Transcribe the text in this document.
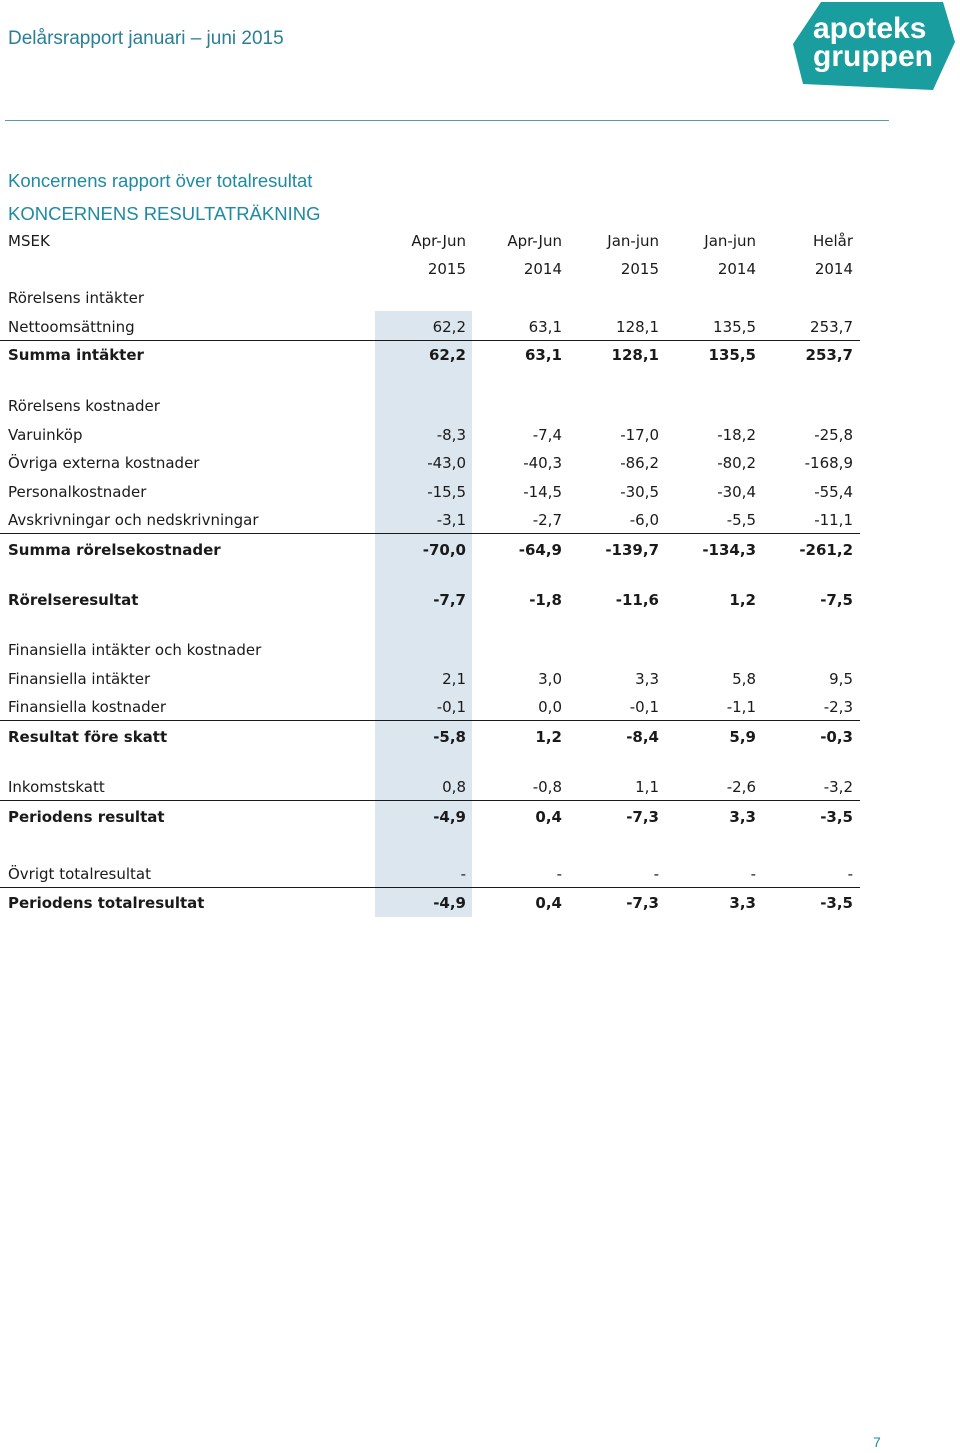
Delårsrapport januari – juni 2015	apoteks
gruppen
Koncernens rapport över totalresultat
KONCERNENS RESULTATRÄKNING
MSEK	Apr-Jun	Apr-Jun	Jan-jun	Jan-jun	Helår
2015	2014	2015	2014	2014
Rörelsens intäkter
Nettoomsättning	62,2	63,1	128,1	135,5	253,7
Summa intäkter	62,2	63,1	128,1	135,5	253,7
Rörelsens kostnader
Varuinköp	-8,3	-7,4	-17,0	-18,2	-25,8
Övriga externa kostnader	-43,0	-40,3	-86,2	-80,2	-168,9
Personalkostnader	-15,5	-14,5	-30,5	-30,4	-55,4
Avskrivningar och nedskrivningar	-3,1	-2,7	-6,0	-5,5	-11,1
Summa rörelsekostnader	-70,0	-64,9	-139,7	-134,3	-261,2
Rörelseresultat	-7,7	-1,8	-11,6	1,2	-7,5
Finansiella intäkter och kostnader
Finansiella intäkter	2,1	3,0	3,3	5,8	9,5
Finansiella kostnader	-0,1	0,0	-0,1	-1,1	-2,3
Resultat före skatt	-5,8	1,2	-8,4	5,9	-0,3
Inkomstskatt	0,8	-0,8	1,1	-2,6	-3,2
Periodens resultat	-4,9	0,4	-7,3	3,3	-3,5
Övrigt totalresultat	-	-	-	-	-
Periodens totalresultat	-4,9	0,4	-7,3	3,3	-3,5
7
